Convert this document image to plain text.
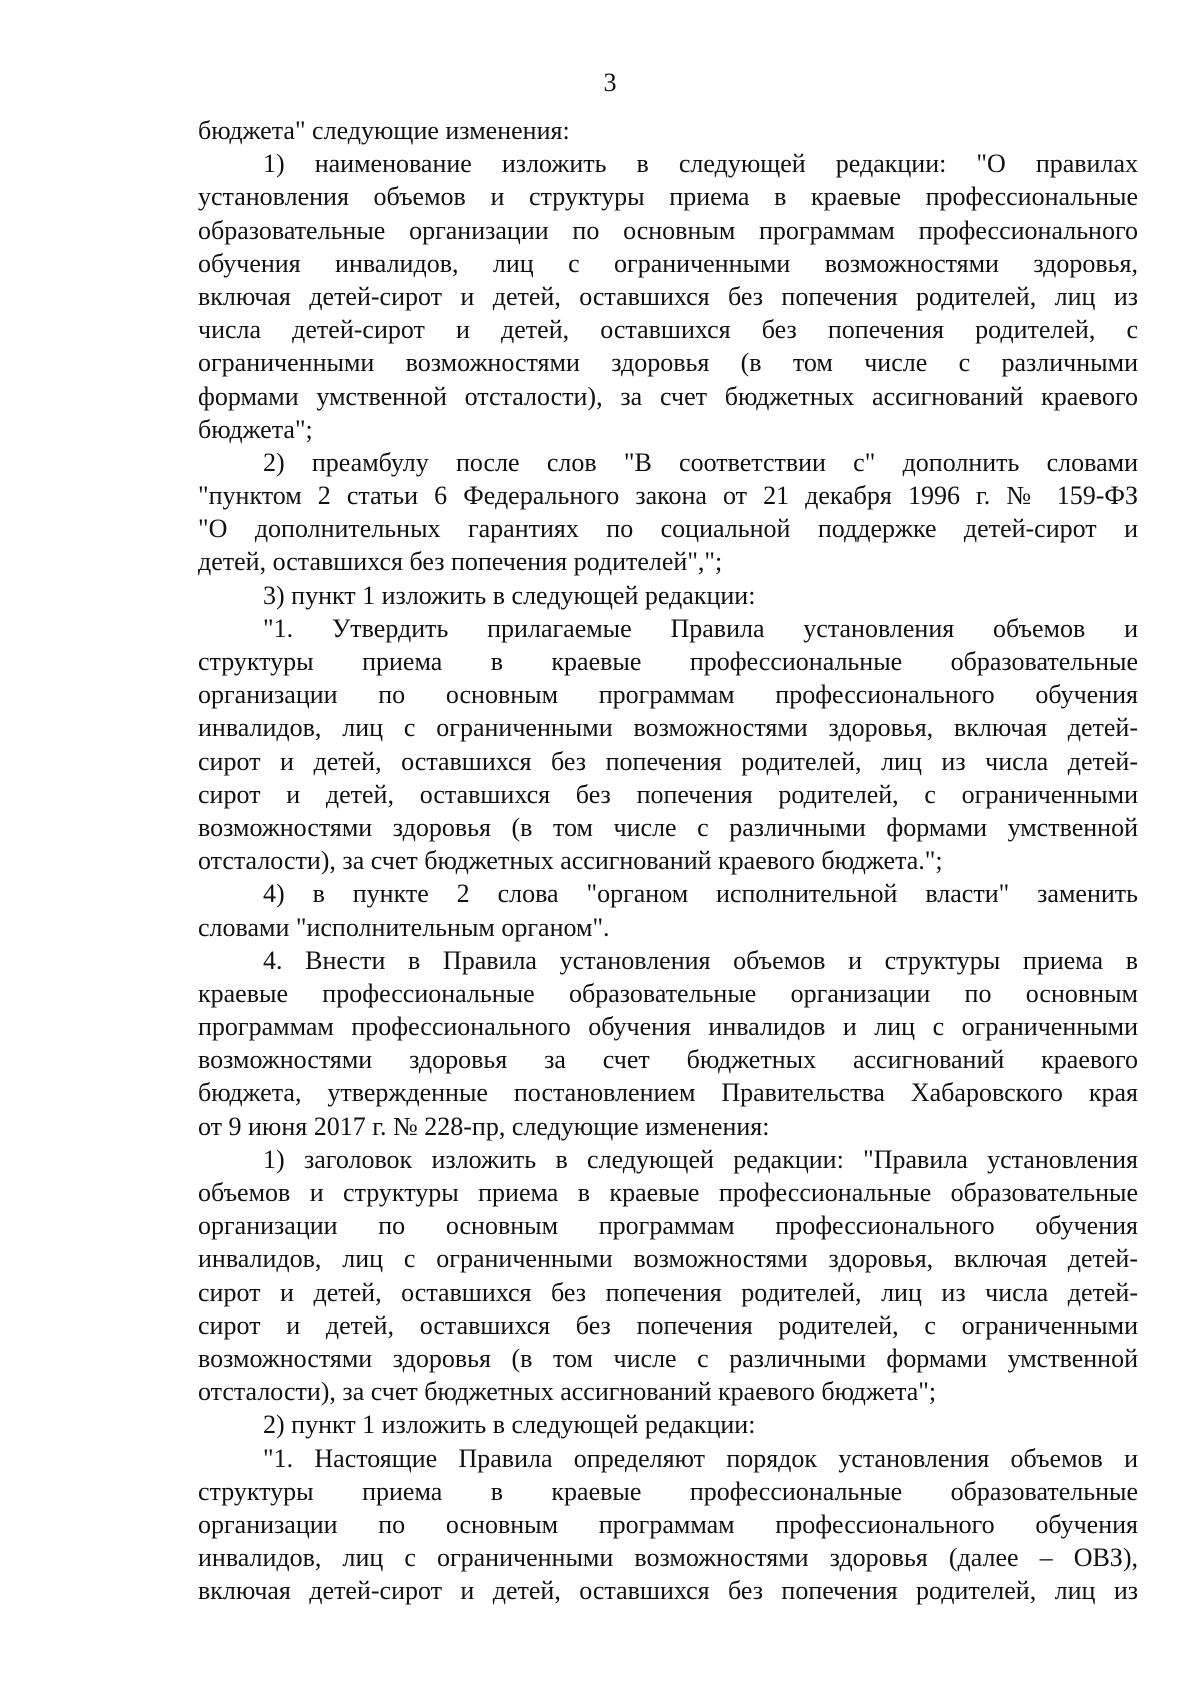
3
бюджета" следующие изменения:
1) наименование изложить в следующей редакции: "О правилах
установления объемов и структуры приема в краевые профессиональные
образовательные организации по основным программам профессионального
обучения инвалидов, лиц с ограниченными возможностями здоровья,
включая детей-сирот и детей, оставшихся без попечения родителей, лиц из
числа детей-сирот и детей, оставшихся без попечения родителей, с
ограниченными возможностями здоровья (в том числе с различными
формами умственной отсталости), за счет бюджетных ассигнований краевого
бюджета";
2) преамбулу после слов "В соответствии с" дополнить словами
"пунктом 2 статьи 6 Федерального закона от 21 декабря 1996 г. № 159-ФЗ
"О дополнительных гарантиях по социальной поддержке детей-сирот и
детей, оставшихся без попечения родителей",";
3) пункт 1 изложить в следующей редакции:
"1. Утвердить прилагаемые Правила установления объемов и
структуры приема в краевые профессиональные образовательные
организации по основным программам профессионального обучения
инвалидов, лиц с ограниченными возможностями здоровья, включая детей-
сирот и детей, оставшихся без попечения родителей, лиц из числа детей-
сирот и детей, оставшихся без попечения родителей, с ограниченными
возможностями здоровья (в том числе с различными формами умственной
отсталости), за счет бюджетных ассигнований краевого бюджета.";
4) в пункте 2 слова "органом исполнительной власти" заменить
словами "исполнительным органом".
4. Внести в Правила установления объемов и структуры приема в
краевые профессиональные образовательные организации по основным
программам профессионального обучения инвалидов и лиц с ограниченными
возможностями здоровья за счет бюджетных ассигнований краевого
бюджета, утвержденные постановлением Правительства Хабаровского края
от 9 июня 2017 г. № 228-пр, следующие изменения:
1) заголовок изложить в следующей редакции: "Правила установления
объемов и структуры приема в краевые профессиональные образовательные
организации по основным программам профессионального обучения
инвалидов, лиц с ограниченными возможностями здоровья, включая детей-
сирот и детей, оставшихся без попечения родителей, лиц из числа детей-
сирот и детей, оставшихся без попечения родителей, с ограниченными
возможностями здоровья (в том числе с различными формами умственной
отсталости), за счет бюджетных ассигнований краевого бюджета";
2) пункт 1 изложить в следующей редакции:
"1. Настоящие Правила определяют порядок установления объемов и
структуры приема в краевые профессиональные образовательные
организации по основным программам профессионального обучения
инвалидов, лиц с ограниченными возможностями здоровья (далее – ОВЗ),
включая детей-сирот и детей, оставшихся без попечения родителей, лиц из
